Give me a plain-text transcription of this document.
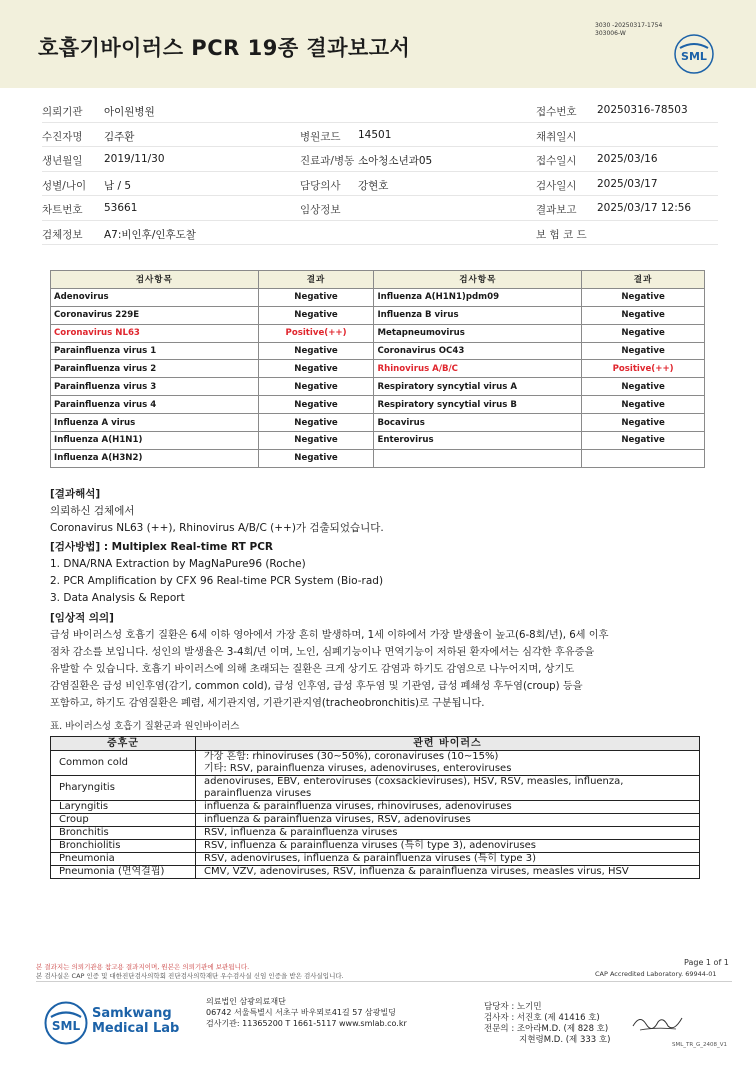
호흡기바이러스 PCR 19종 결과보고서
3030 -20250317-1754
303006-W
SML
의뢰기관 아이원병원	접수번호 20250316-78503
수진자명 김주환	병원코드 14501	채취일시
생년월일 2019/11/30	진료과/병동 소아청소년과05	접수일시 2025/03/16
성별/나이 남 / 5	담당의사 강현호	검사일시 2025/03/17
차트번호 53661	임상정보	결과보고 2025/03/17 12:56
검체정보 A7:비인후/인후도찰	보 험 코 드
검사항목	결과	검사항목	결과
Adenovirus	Negative	Influenza A(H1N1)pdm09	Negative
Coronavirus 229E	Negative	Influenza B virus	Negative
Coronavirus NL63	Positive(++)	Metapneumovirus	Negative
Parainfluenza virus 1	Negative	Coronavirus OC43	Negative
Parainfluenza virus 2	Negative	Rhinovirus A/B/C	Positive(++)
Parainfluenza virus 3	Negative	Respiratory syncytial virus A	Negative
Parainfluenza virus 4	Negative	Respiratory syncytial virus B	Negative
Influenza A virus	Negative	Bocavirus	Negative
Influenza A(H1N1)	Negative	Enterovirus	Negative
Influenza A(H3N2)	Negative		
[결과해석]
의뢰하신 검체에서
Coronavirus NL63 (++), Rhinovirus A/B/C (++)가 검출되었습니다.
[검사방법] : Multiplex Real-time RT PCR
1. DNA/RNA Extraction by MagNaPure96 (Roche)
2. PCR Amplification by CFX 96 Real-time PCR System (Bio-rad)
3. Data Analysis & Report
[임상적 의의]
급성 바이러스성 호흡기 질환은 6세 이하 영아에서 가장 흔히 발생하며, 1세 이하에서 가장 발생율이 높고(6-8회/년), 6세 이후
점차 감소를 보입니다. 성인의 발생율은 3-4회/년 이며, 노인, 심폐기능이나 면역기능이 저하된 환자에서는 심각한 후유증을
유발할 수 있습니다. 호흡기 바이러스에 의해 초래되는 질환은 크게 상기도 감염과 하기도 감염으로 나누어지며, 상기도
감염질환은 급성 비인후염(감기, common cold), 급성 인후염, 급성 후두염 및 기관염, 급성 폐쇄성 후두염(croup) 등을
포함하고, 하기도 감염질환은 폐렴, 세기관지염, 기관기관지염(tracheobronchitis)로 구분됩니다.
표. 바이러스성 호흡기 질환군과 원인바이러스
증후군	관련 바이러스
Common cold	가장 흔함: rhinoviruses (30~50%), coronaviruses (10~15%)
기타: RSV, parainfluenza viruses, adenoviruses, enteroviruses

Pharyngitis	adenoviruses, EBV, enteroviruses (coxsackieviruses), HSV, RSV, measles, influenza,
parainfluenza viruses

Laryngitis	influenza & parainfluenza viruses, rhinoviruses, adenoviruses

Croup	influenza & parainfluenza viruses, RSV, adenoviruses

Bronchitis	RSV, influenza & parainfluenza viruses

Bronchiolitis	RSV, influenza & parainfluenza viruses (특히 type 3), adenoviruses

Pneumonia	RSV, adenoviruses, influenza & parainfluenza viruses (특히 type 3)

Pneumonia (면역결핍)	CMV, VZV, adenoviruses, RSV, influenza & parainfluenza viruses, measles virus, HSV
본 결과지는 의뢰기관용 참고용 결과지이며, 원본은 의뢰기관에 보관됩니다.
본 검사실은 CAP 인증 및 대한진단검사의학회 진단검사의학재단 우수검사실 신임 인증을 받은 검사실입니다.
Page 1 of 1
CAP Accredited Laboratory. 69944-01
SML
Samkwang
Medical Lab
의료법인 삼광의료재단
06742 서울특별시 서초구 바우뫼로41길 57 삼광빌딩
검사기관: 11365200 T 1661-5117 www.smlab.co.kr
담당자 : 노기민
검사자 : 서진호 (제 41416 호)
전문의 : 조아라M.D. (제 828 호)
지현령M.D. (제 333 호)	SML_TR_G_2408_V1
